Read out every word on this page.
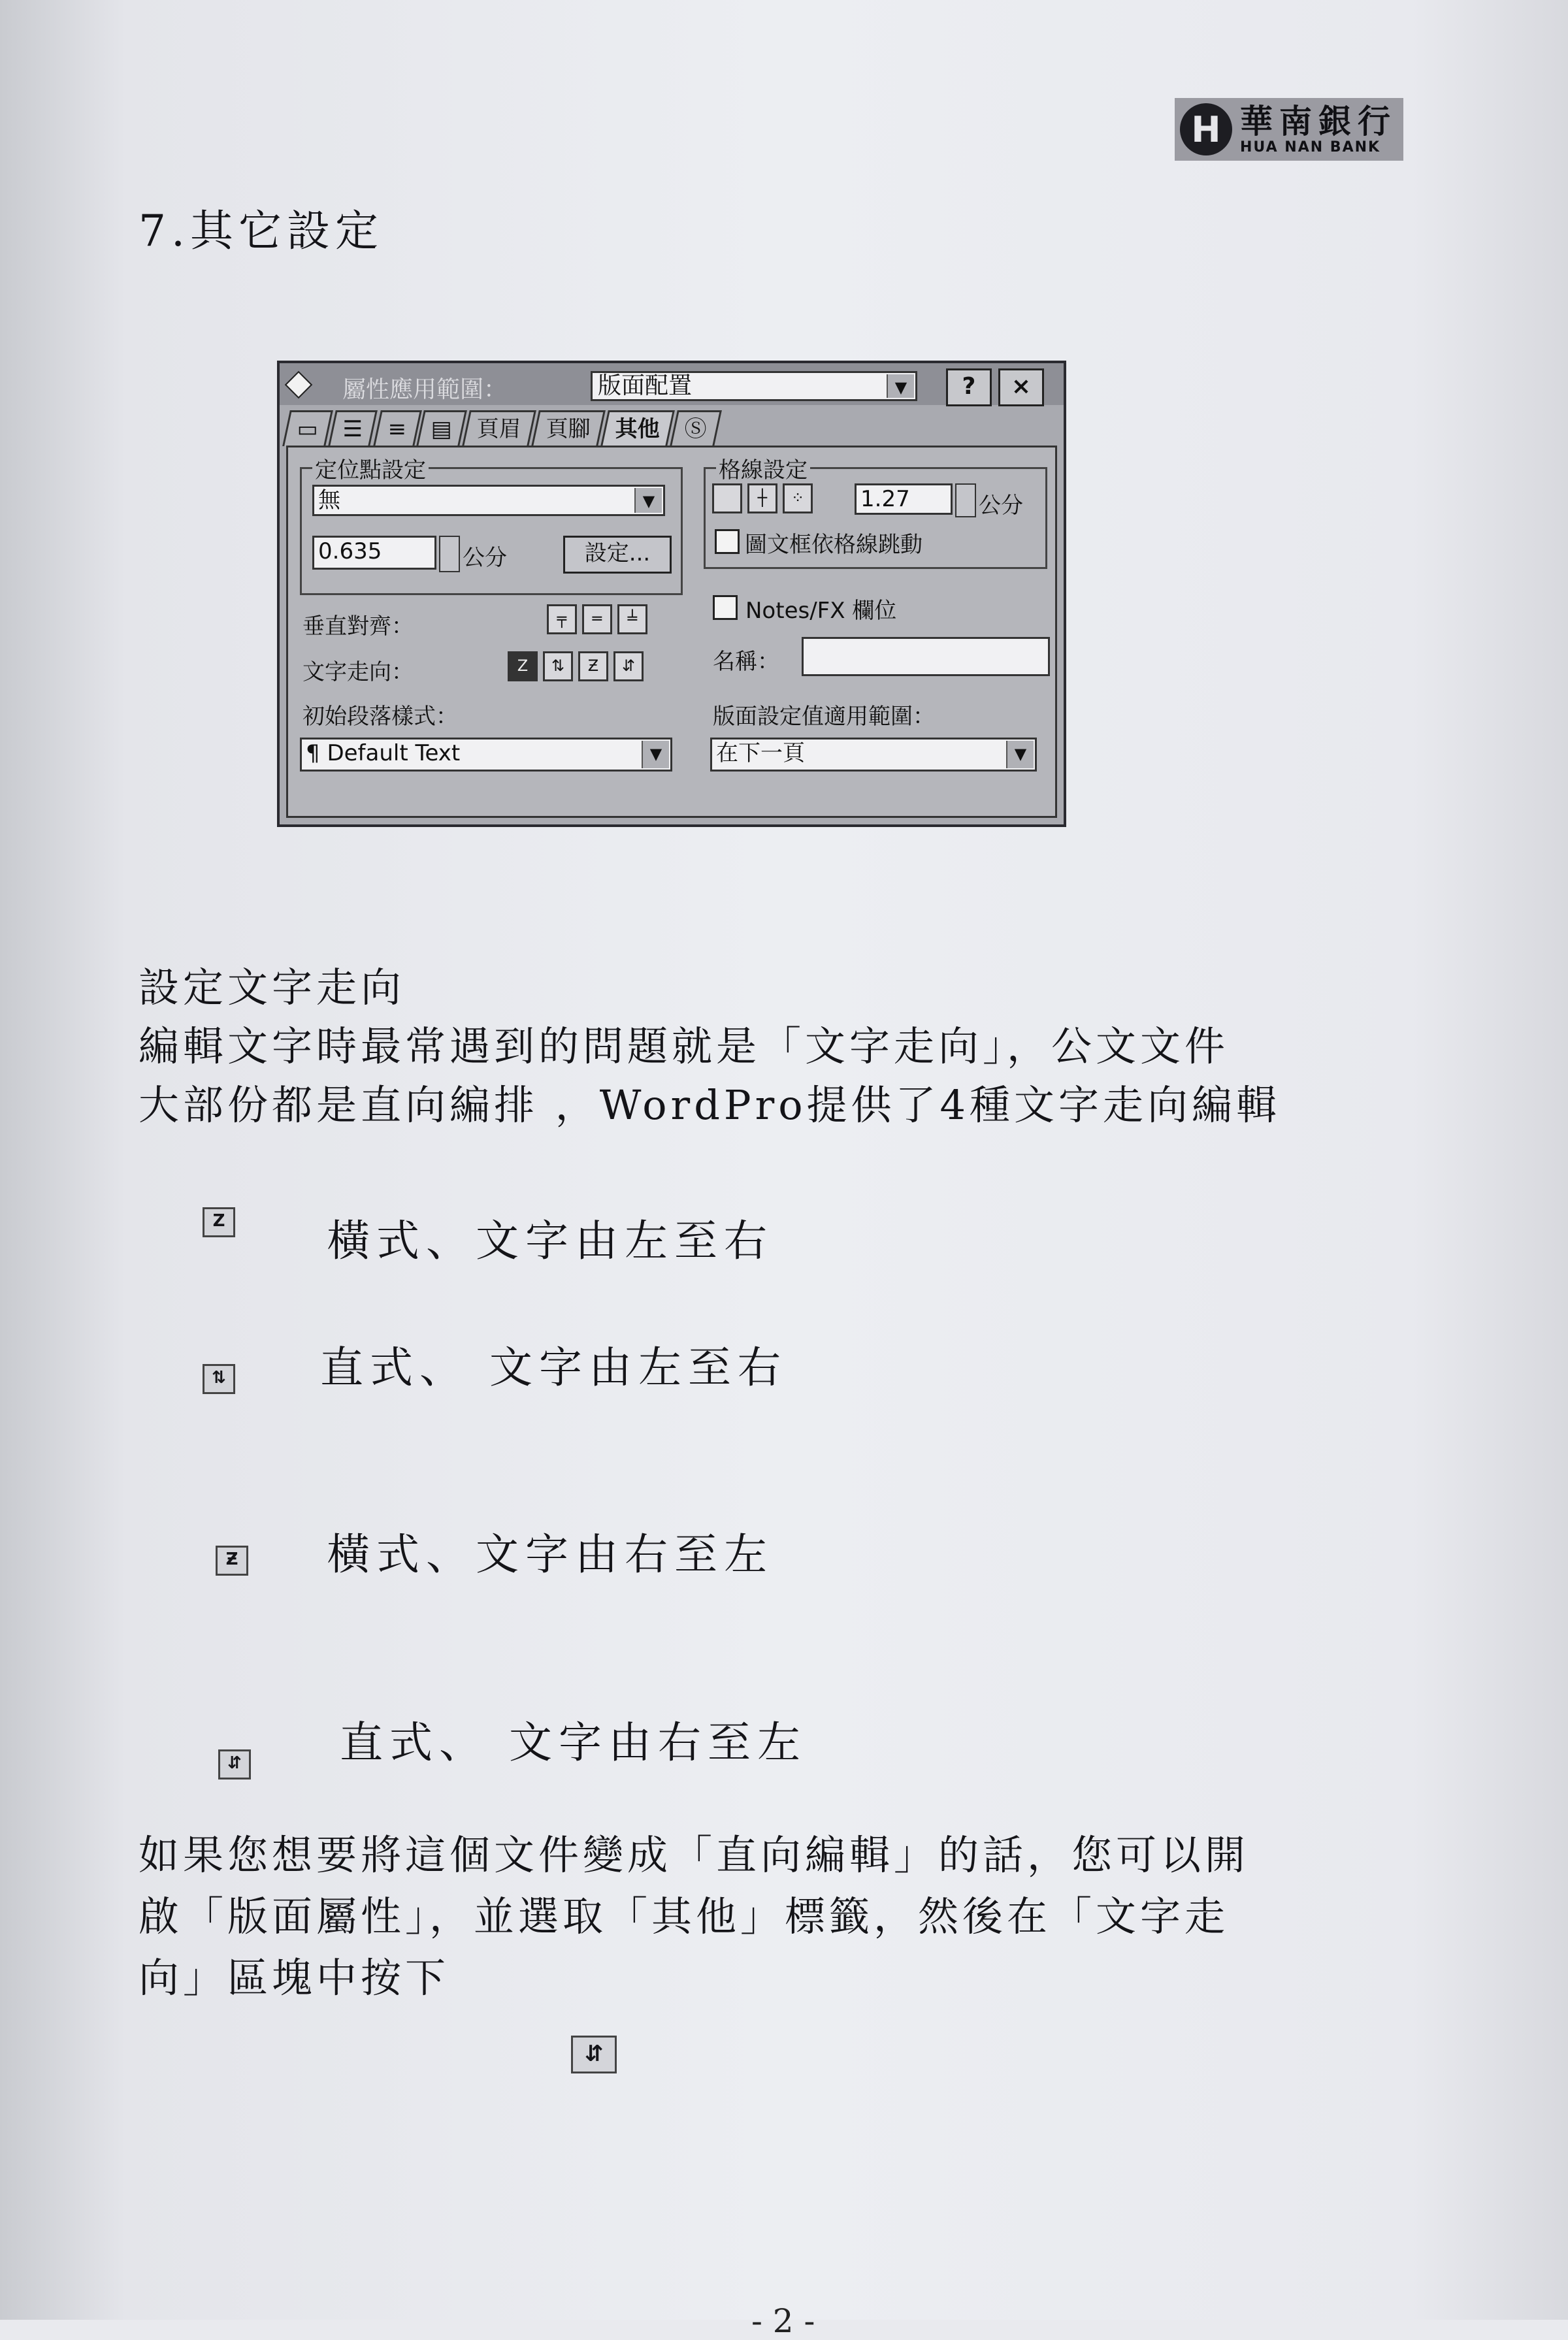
H 華南銀行
HUA NAN BANK
7.其它設定
屬性應用範圍：	版面配置	▼	?	×
▭	☰	≡	▤	頁眉	頁腳	其他	Ⓢ
定位點設定
無	▼
0.635	公分	設定...
格線設定
┼	⁘	1.27	公分
圖文框依格線跳動
Notes/FX 欄位
垂直對齊：	╤	═	╧
文字走向：	Z	⇅	Ƶ	⇵	名稱：
初始段落樣式：
¶ Default Text	▼
版面設定值適用範圍：
在下一頁	▼
設定文字走向
編輯文字時最常遇到的問題就是「文字走向」，公文文件
大部份都是直向編排 ，WordPro提供了4種文字走向編輯
Z 橫式、文字由左至右
⇅ 直式、 文字由左至右
Ƶ 橫式、文字由右至左
⇵ 直式、 文字由右至左
如果您想要將這個文件變成「直向編輯」的話，您可以開
啟「版面屬性」，並選取「其他」標籤，然後在「文字走
向」區塊中按下
⇵
- 2 -
